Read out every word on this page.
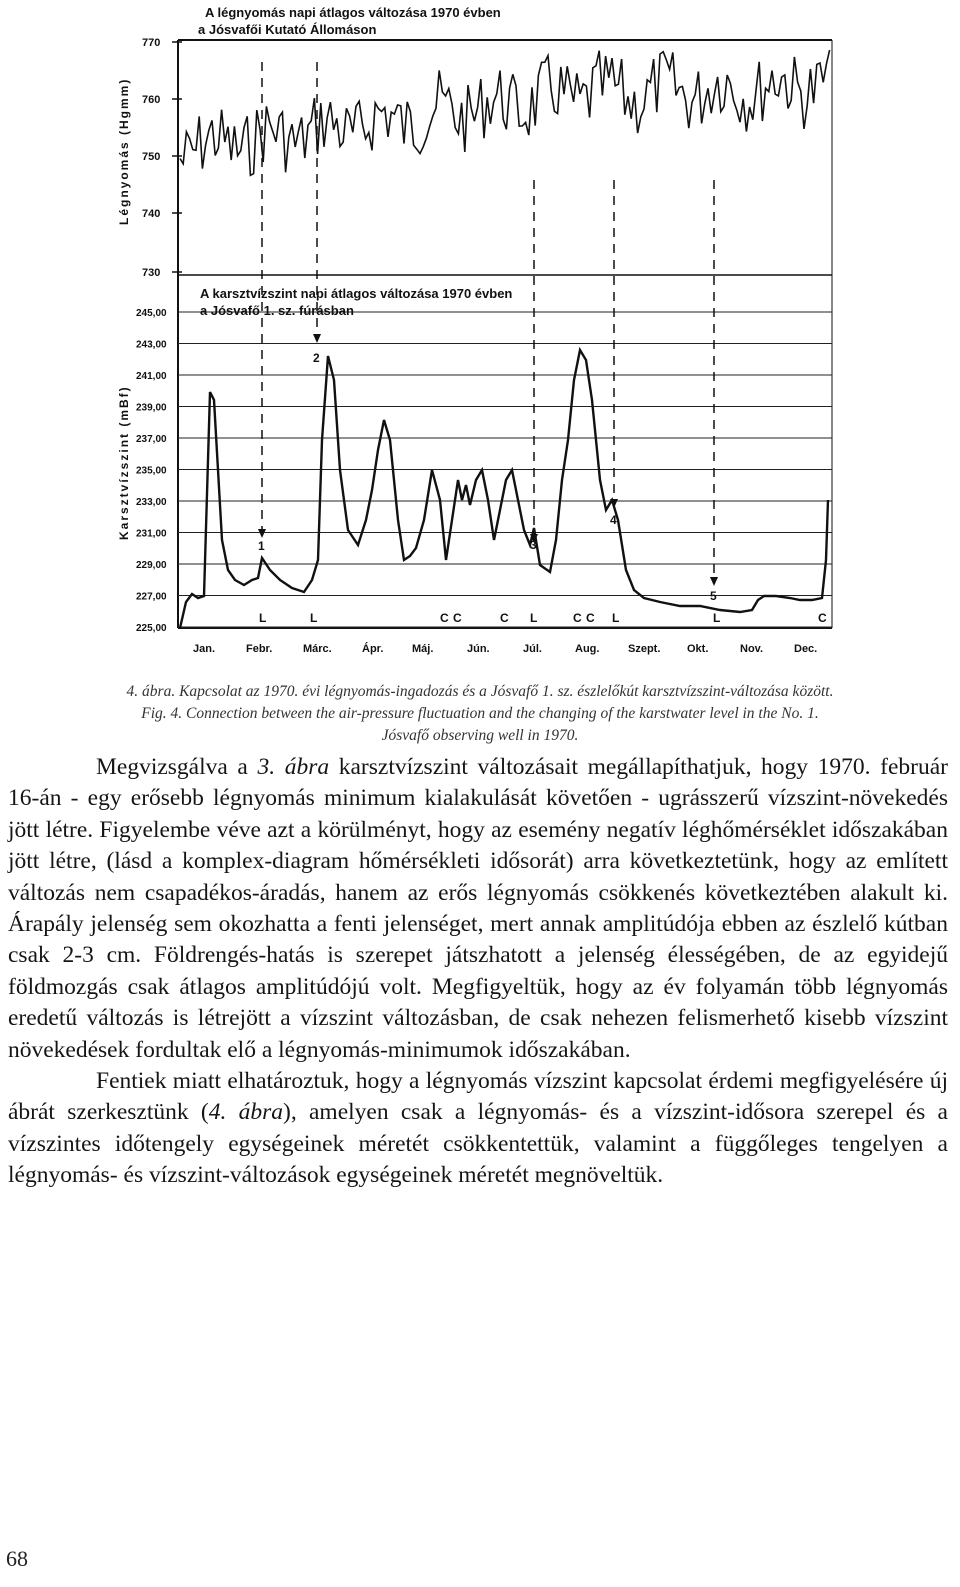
A légnyomás napi átlagos változása 1970 évben
a Jósvafői Kutató Állomáson
A karsztvízszint napi átlagos változása 1970 évben
a Jósvafő 1. sz. fúrásban
Légnyomás (Hgmm)
Karsztvízszint (mBf)
770
760
750
740
730
245,00
243,00
241,00
239,00
237,00
235,00
233,00
231,00
229,00
227,00
225,00
Jan.	Febr.	Márc.	Ápr.	Máj.	Jún.	Júl.	Aug.	Szept. Okt.	Nov.	Dec.
L	L	C C	C L	C C L	L	C
1
2
3
4
5
4. ábra. Kapcsolat az 1970. évi légnyomás-ingadozás és a Jósvafő 1. sz. észlelőkút karsztvízszint-változása között.
Fig. 4. Connection between the air-pressure fluctuation and the changing of the karstwater level in the No. 1.
Jósvafő observing well in 1970.

Megvizsgálva a 3. ábra karsztvízszint változásait megállapíthatjuk, hogy 1970. február 16-án - egy erősebb légnyomás minimum kialakulását követően - ugrásszerű vízszint-növekedés jött létre. Figyelembe véve azt a körülményt, hogy az esemény negatív léghőmérséklet időszakában jött létre, (lásd a komplex-diagram hőmérsékleti idősorát) arra következtetünk, hogy az említett változás nem csapadékos-áradás, hanem az erős légnyomás csökkenés következtében alakult ki. Árapály jelenség sem okozhatta a fenti jelenséget, mert annak amplitúdója ebben az észlelő kútban csak 2-3 cm. Földrengés-hatás is szerepet játszhatott a jelenség élességében, de az egyidejű földmozgás csak átlagos amplitúdójú volt. Megfigyeltük, hogy az év folyamán több légnyomás eredetű változás is létrejött a vízszint változásban, de csak nehezen felismerhető kisebb vízszint növekedések fordultak elő a légnyomás-minimumok időszakában.

Fentiek miatt elhatároztuk, hogy a légnyomás vízszint kapcsolat érdemi megfigyelésére új ábrát szerkesztünk (4. ábra), amelyen csak a légnyomás- és a vízszint-idősora szerepel és a vízszintes időtengely egységeinek méretét csökkentettük, valamint a függőleges tengelyen a légnyomás- és vízszint-változások egységeinek méretét megnöveltük.

68
